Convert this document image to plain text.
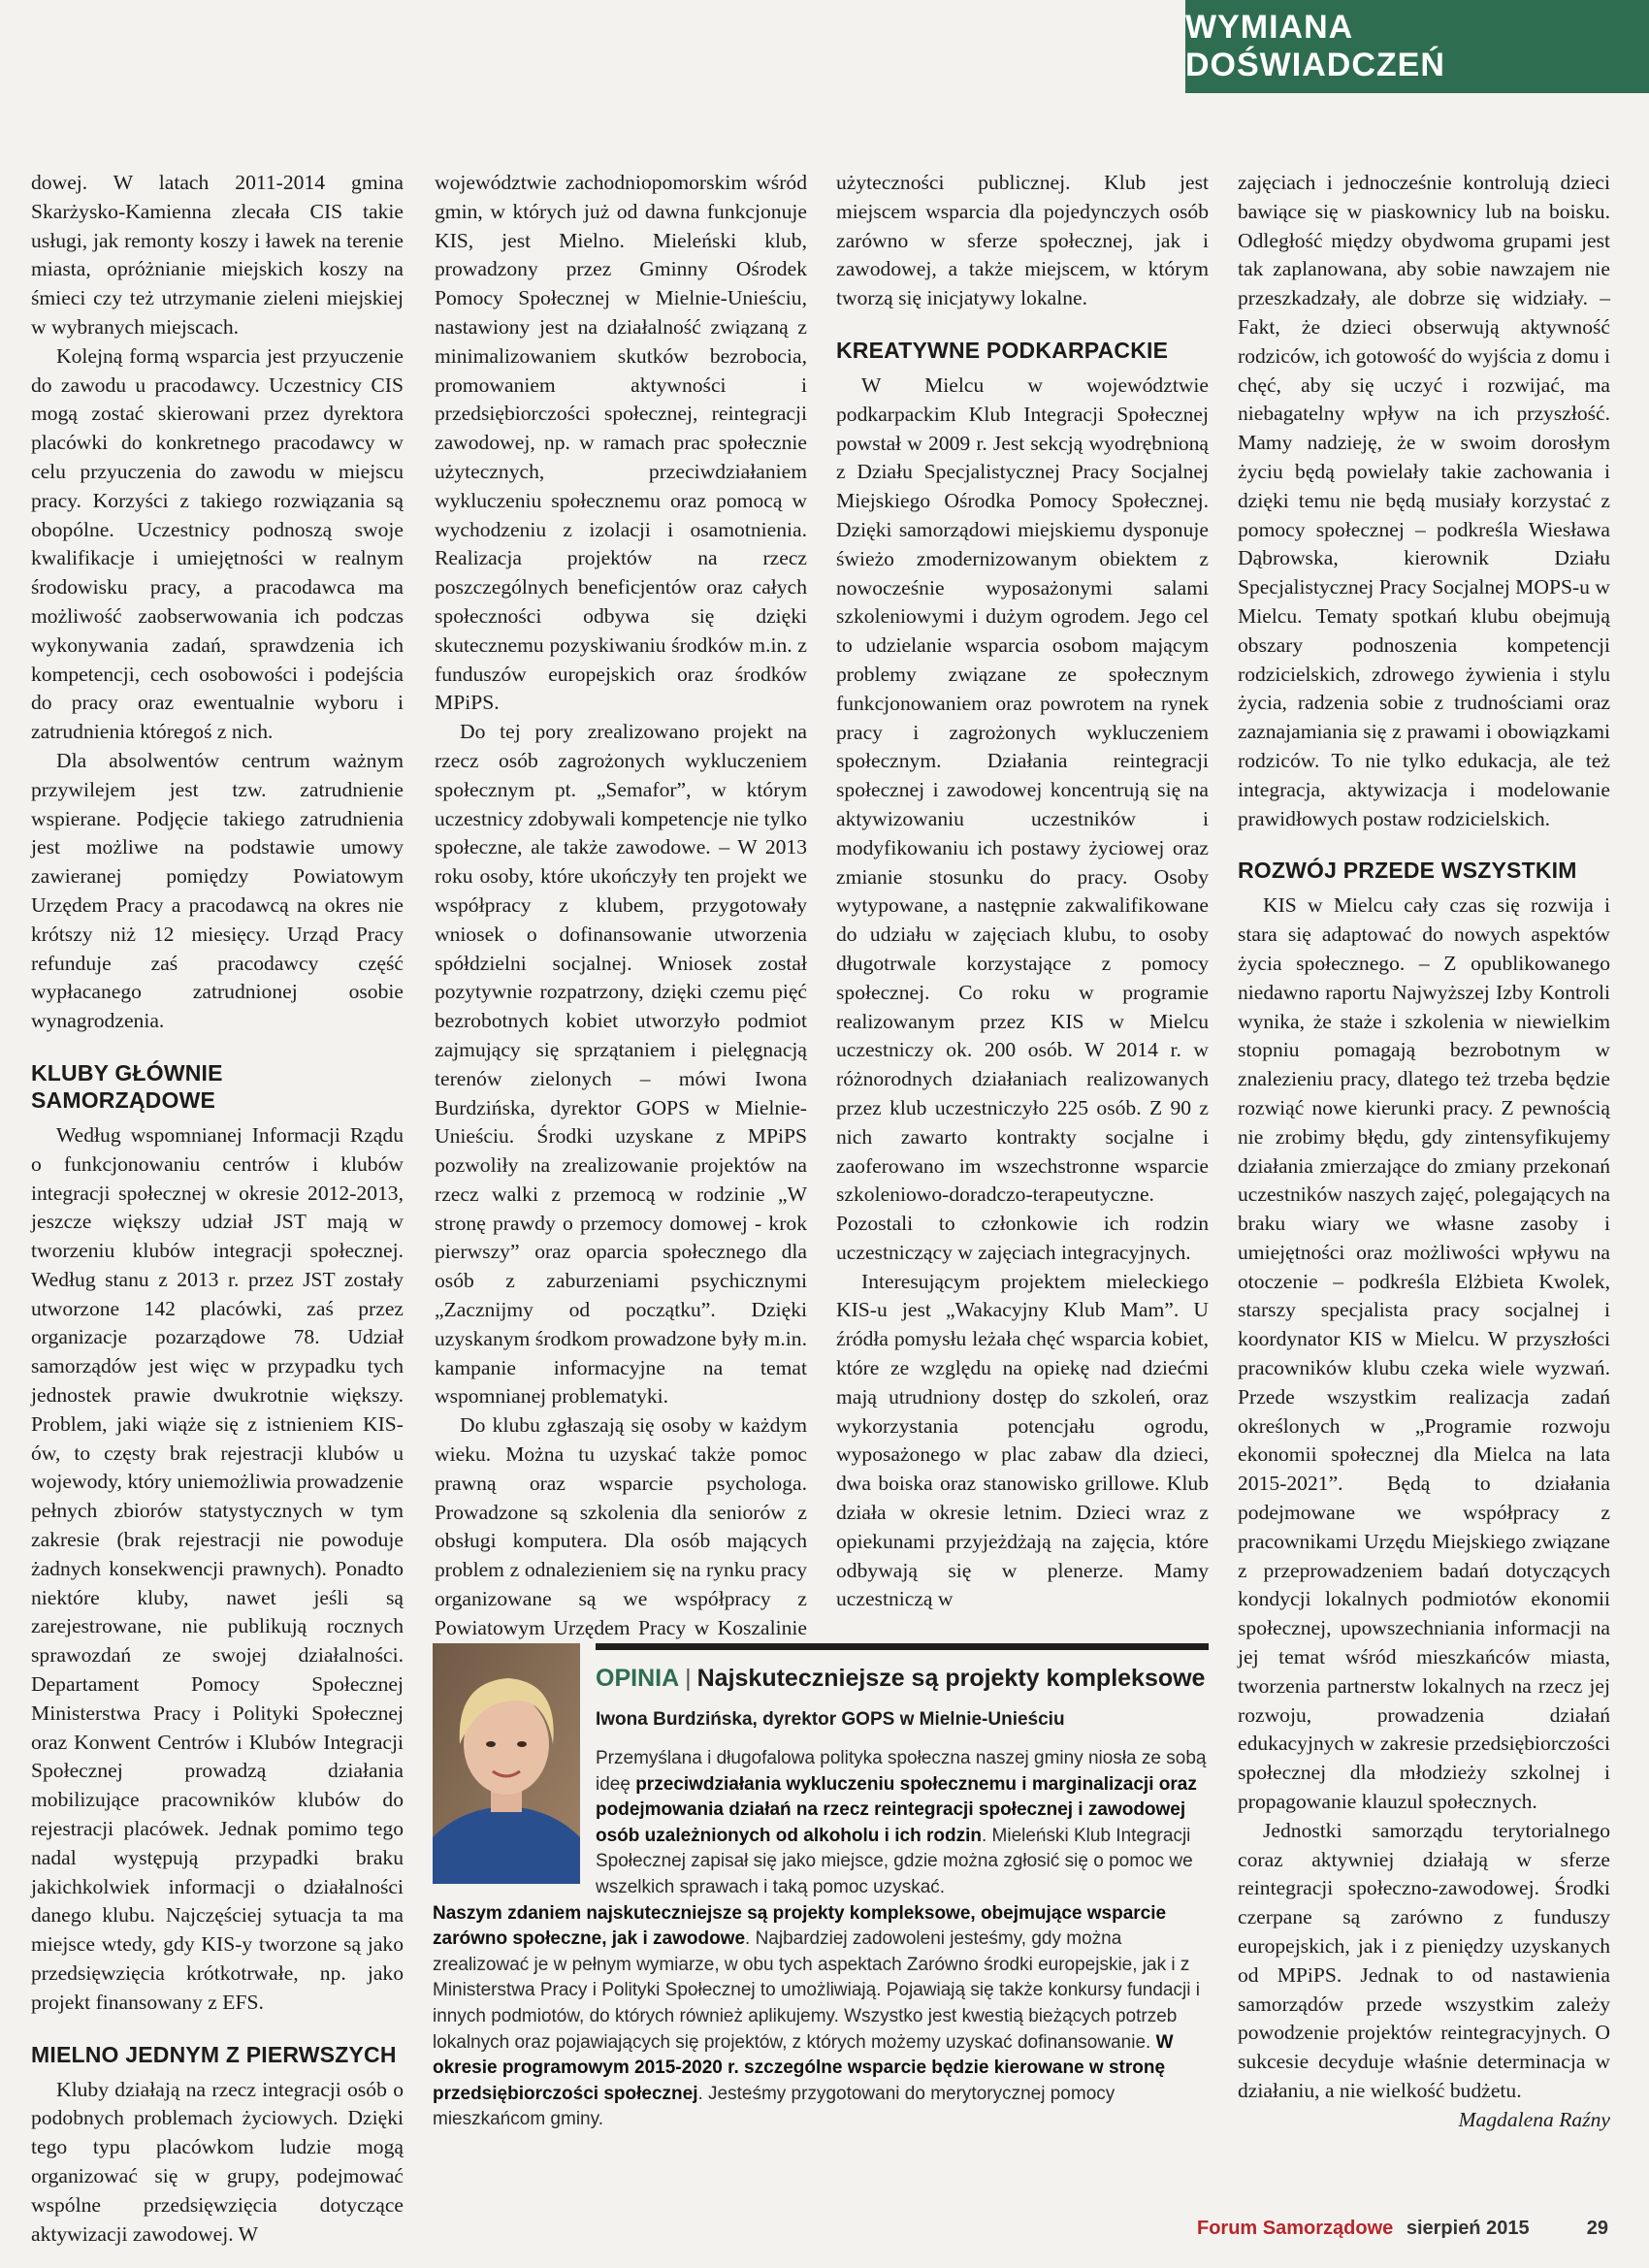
WYMIANA DOŚWIADCZEŃ

dowej. W latach 2011-2014 gmina Skarżysko-Kamienna zlecała CIS takie usługi, jak remonty koszy i ławek na terenie miasta, opróżnianie miejskich koszy na śmieci czy też utrzymanie zieleni miejskiej w wybranych miejscach.

Kolejną formą wsparcia jest przyuczenie do zawodu u pracodawcy. Uczestnicy CIS mogą zostać skierowani przez dyrektora placówki do konkretnego pracodawcy w celu przyuczenia do zawodu w miejscu pracy. Korzyści z takiego rozwiązania są obopólne. Uczestnicy podnoszą swoje kwalifikacje i umiejętności w realnym środowisku pracy, a pracodawca ma możliwość zaobserwowania ich podczas wykonywania zadań, sprawdzenia ich kompetencji, cech osobowości i podejścia do pracy oraz ewentualnie wyboru i zatrudnienia któregoś z nich.

Dla absolwentów centrum ważnym przywilejem jest tzw. zatrudnienie wspierane. Podjęcie takiego zatrudnienia jest możliwe na podstawie umowy zawieranej pomiędzy Powiatowym Urzędem Pracy a pracodawcą na okres nie krótszy niż 12 miesięcy. Urząd Pracy refunduje zaś pracodawcy część wypłacanego zatrudnionej osobie wynagrodzenia.

KLUBY GŁÓWNIE SAMORZĄDOWE

Według wspomnianej Informacji Rządu o funkcjonowaniu centrów i klubów integracji społecznej w okresie 2012-2013, jeszcze większy udział JST mają w tworzeniu klubów integracji społecznej. Według stanu z 2013 r. przez JST zostały utworzone 142 placówki, zaś przez organizacje pozarządowe 78. Udział samorządów jest więc w przypadku tych jednostek prawie dwukrotnie większy. Problem, jaki wiąże się z istnieniem KIS-ów, to częsty brak rejestracji klubów u wojewody, który uniemożliwia prowadzenie pełnych zbiorów statystycznych w tym zakresie (brak rejestracji nie powoduje żadnych konsekwencji prawnych). Ponadto niektóre kluby, nawet jeśli są zarejestrowane, nie publikują rocznych sprawozdań ze swojej działalności. Departament Pomocy Społecznej Ministerstwa Pracy i Polityki Społecznej oraz Konwent Centrów i Klubów Integracji Społecznej prowadzą działania mobilizujące pracowników klubów do rejestracji placówek. Jednak pomimo tego nadal występują przypadki braku jakichkolwiek informacji o działalności danego klubu. Najczęściej sytuacja ta ma miejsce wtedy, gdy KIS-y tworzone są jako przedsięwzięcia krótkotrwałe, np. jako projekt finansowany z EFS.

MIELNO JEDNYM Z PIERWSZYCH

Kluby działają na rzecz integracji osób o podobnych problemach życiowych. Dzięki tego typu placówkom ludzie mogą organizować się w grupy, podejmować wspólne przedsięwzięcia dotyczące aktywizacji zawodowej. W

województwie zachodniopomorskim wśród gmin, w których już od dawna funkcjonuje KIS, jest Mielno. Mieleński klub, prowadzony przez Gminny Ośrodek Pomocy Społecznej w Mielnie-Unieściu, nastawiony jest na działalność związaną z minimalizowaniem skutków bezrobocia, promowaniem aktywności i przedsiębiorczości społecznej, reintegracji zawodowej, np. w ramach prac społecznie użytecznych, przeciwdziałaniem wykluczeniu społecznemu oraz pomocą w wychodzeniu z izolacji i osamotnienia. Realizacja projektów na rzecz poszczególnych beneficjentów oraz całych społeczności odbywa się dzięki skutecznemu pozyskiwaniu środków m.in. z funduszów europejskich oraz środków MPiPS.

Do tej pory zrealizowano projekt na rzecz osób zagrożonych wykluczeniem społecznym pt. „Semafor”, w którym uczestnicy zdobywali kompetencje nie tylko społeczne, ale także zawodowe. – W 2013 roku osoby, które ukończyły ten projekt we współpracy z klubem, przygotowały wniosek o dofinansowanie utworzenia spółdzielni socjalnej. Wniosek został pozytywnie rozpatrzony, dzięki czemu pięć bezrobotnych kobiet utworzyło podmiot zajmujący się sprzątaniem i pielęgnacją terenów zielonych – mówi Iwona Burdzińska, dyrektor GOPS w Mielnie-Unieściu. Środki uzyskane z MPiPS pozwoliły na zrealizowanie projektów na rzecz walki z przemocą w rodzinie „W stronę prawdy o przemocy domowej - krok pierwszy” oraz oparcia społecznego dla osób z zaburzeniami psychicznymi „Zacznijmy od początku”. Dzięki uzyskanym środkom prowadzone były m.in. kampanie informacyjne na temat wspomnianej problematyki.

Do klubu zgłaszają się osoby w każdym wieku. Można tu uzyskać także pomoc prawną oraz wsparcie psychologa. Prowadzone są szkolenia dla seniorów z obsługi komputera. Dla osób mających problem z odnalezieniem się na rynku pracy organizowane są we współpracy z Powiatowym Urzędem Pracy w Koszalinie

użyteczności publicznej. Klub jest miejscem wsparcia dla pojedynczych osób zarówno w sferze społecznej, jak i zawodowej, a także miejscem, w którym tworzą się inicjatywy lokalne.

KREATYWNE PODKARPACKIE

W Mielcu w województwie podkarpackim Klub Integracji Społecznej powstał w 2009 r. Jest sekcją wyodrębnioną z Działu Specjalistycznej Pracy Socjalnej Miejskiego Ośrodka Pomocy Społecznej. Dzięki samorządowi miejskiemu dysponuje świeżo zmodernizowanym obiektem z nowocześnie wyposażonymi salami szkoleniowymi i dużym ogrodem. Jego cel to udzielanie wsparcia osobom mającym problemy związane ze społecznym funkcjonowaniem oraz powrotem na rynek pracy i zagrożonych wykluczeniem społecznym. Działania reintegracji społecznej i zawodowej koncentrują się na aktywizowaniu uczestników i modyfikowaniu ich postawy życiowej oraz zmianie stosunku do pracy. Osoby wytypowane, a następnie zakwalifikowane do udziału w zajęciach klubu, to osoby długotrwale korzystające z pomocy społecznej. Co roku w programie realizowanym przez KIS w Mielcu uczestniczy ok. 200 osób. W 2014 r. w różnorodnych działaniach realizowanych przez klub uczestniczyło 225 osób. Z 90 z nich zawarto kontrakty socjalne i zaoferowano im wszechstronne wsparcie szkoleniowo-doradczo-terapeutyczne. Pozostali to członkowie ich rodzin uczestniczący w zajęciach integracyjnych.

Interesującym projektem mieleckiego KIS-u jest „Wakacyjny Klub Mam”. U źródła pomysłu leżała chęć wsparcia kobiet, które ze względu na opiekę nad dziećmi mają utrudniony dostęp do szkoleń, oraz wykorzystania potencjału ogrodu, wyposażonego w plac zabaw dla dzieci, dwa boiska oraz stanowisko grillowe. Klub działa w okresie letnim. Dzieci wraz z opiekunami przyjeżdżają na zajęcia, które odbywają się w plenerze. Mamy uczestniczą w

zajęciach i jednocześnie kontrolują dzieci bawiące się w piaskownicy lub na boisku. Odległość między obydwoma grupami jest tak zaplanowana, aby sobie nawzajem nie przeszkadzały, ale dobrze się widziały. – Fakt, że dzieci obserwują aktywność rodziców, ich gotowość do wyjścia z domu i chęć, aby się uczyć i rozwijać, ma niebagatelny wpływ na ich przyszłość. Mamy nadzieję, że w swoim dorosłym życiu będą powielały takie zachowania i dzięki temu nie będą musiały korzystać z pomocy społecznej – podkreśla Wiesława Dąbrowska, kierownik Działu Specjalistycznej Pracy Socjalnej MOPS-u w Mielcu. Tematy spotkań klubu obejmują obszary podnoszenia kompetencji rodzicielskich, zdrowego żywienia i stylu życia, radzenia sobie z trudnościami oraz zaznajamiania się z prawami i obowiązkami rodziców. To nie tylko edukacja, ale też integracja, aktywizacja i modelowanie prawidłowych postaw rodzicielskich.

ROZWÓJ PRZEDE WSZYSTKIM

KIS w Mielcu cały czas się rozwija i stara się adaptować do nowych aspektów życia społecznego. – Z opublikowanego niedawno raportu Najwyższej Izby Kontroli wynika, że staże i szkolenia w niewielkim stopniu pomagają bezrobotnym w znalezieniu pracy, dlatego też trzeba będzie rozwiąć nowe kierunki pracy. Z pewnością nie zrobimy błędu, gdy zintensyfikujemy działania zmierzające do zmiany przekonań uczestników naszych zajęć, polegających na braku wiary we własne zasoby i umiejętności oraz możliwości wpływu na otoczenie – podkreśla Elżbieta Kwolek, starszy specjalista pracy socjalnej i koordynator KIS w Mielcu. W przyszłości pracowników klubu czeka wiele wyzwań. Przede wszystkim realizacja zadań określonych w „Programie rozwoju ekonomii społecznej dla Mielca na lata 2015-2021”. Będą to działania podejmowane we współpracy z pracownikami Urzędu Miejskiego związane z przeprowadzeniem badań dotyczących kondycji lokalnych podmiotów ekonomii społecznej, upowszechniania informacji na jej temat wśród mieszkańców miasta, tworzenia partnerstw lokalnych na rzecz jej rozwoju, prowadzenia działań edukacyjnych w zakresie przedsiębiorczości społecznej dla młodzieży szkolnej i propagowanie klauzul społecznych.

Jednostki samorządu terytorialnego coraz aktywniej działają w sferze reintegracji społeczno-zawodowej. Środki czerpane są zarówno z funduszy europejskich, jak i z pieniędzy uzyskanych od MPiPS. Jednak to od nastawienia samorządów przede wszystkim zależy powodzenie projektów reintegracyjnych. O sukcesie decyduje właśnie determinacja w działaniu, a nie wielkość budżetu.

Magdalena Raźny

OPINIA | Najskuteczniejsze są projekty kompleksowe
Iwona Burdzińska, dyrektor GOPS w Mielnie-Unieściu

Przemyślana i długofalowa polityka społeczna naszej gminy niosła ze sobą ideę przeciwdziałania wykluczeniu społecznemu i marginalizacji oraz podejmowania działań na rzecz reintegracji społecznej i zawodowej osób uzależnionych od alkoholu i ich rodzin. Mieleński Klub Integracji Społecznej zapisał się jako miejsce, gdzie można zgłosić się o pomoc we wszelkich sprawach i taką pomoc uzyskać.

Naszym zdaniem najskuteczniejsze są projekty kompleksowe, obejmujące wsparcie zarówno społeczne, jak i zawodowe. Najbardziej zadowoleni jesteśmy, gdy można zrealizować je w pełnym wymiarze, w obu tych aspektach Zarówno środki europejskie, jak i z Ministerstwa Pracy i Polityki Społecznej to umożliwiają. Pojawiają się także konkursy fundacji i innych podmiotów, do których również aplikujemy. Wszystko jest kwestią bieżących potrzeb lokalnych oraz pojawiających się projektów, z których możemy uzyskać dofinansowanie. W okresie programowym 2015-2020 r. szczególne wsparcie będzie kierowane w stronę przedsiębiorczości społecznej. Jesteśmy przygotowani do merytorycznej pomocy mieszkańcom gminy.

Forum Samorządowe sierpień 2015	29
